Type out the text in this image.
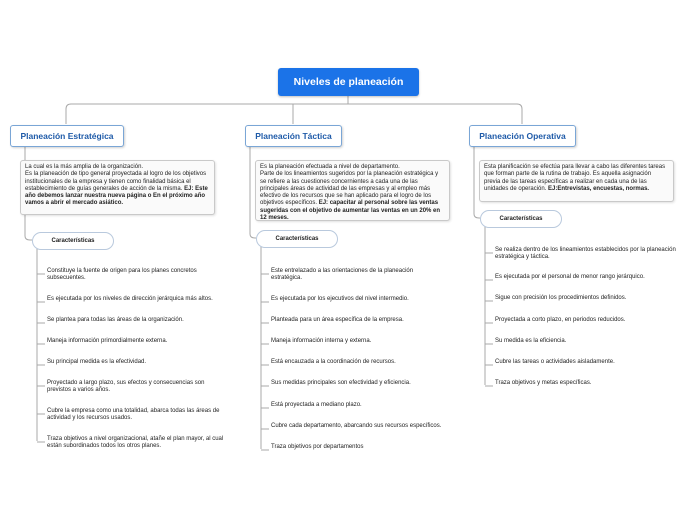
Niveles de planeación
Planeación Estratégica
La cual es la más amplia de la organización.
Es la planeación de tipo general proyectada al logro de los objetivos institucionales de la empresa y tienen como finalidad básica el establecimiento de guías generales de acción de la misma. EJ: Este año debemos lanzar nuestra nueva página o En el próximo año vamos a abrir el mercado asiático.
Características
Constituye la fuente de origen para los planes concretos subsecuentes.
Es ejecutada por los niveles de dirección jerárquica más altos.
Se plantea para todas las áreas de la organización.
Maneja información primordialmente externa.
Su principal medida es la efectividad.
Proyectado a largo plazo, sus efectos y consecuencias son previstos a varios años.
Cubre la empresa como una totalidad, abarca todas las áreas de actividad y los recursos usados.
Traza objetivos a nivel organizacional, atañe el plan mayor, al cual están subordinados todos los otros planes.
Planeación Táctica
Es la planeación efectuada a nivel de departamento.
Parte de los lineamientos sugeridos por la planeación estratégica y se refiere a las cuestiones concernientes a cada una de las principales áreas de actividad de las empresas y al empleo más efectivo de los recursos que se han aplicado para el logro de los objetivos específicos. EJ: capacitar al personal sobre las ventas sugeridas con el objetivo de aumentar las ventas en un 20% en 12 meses.
Características
Este entrelazado a las orientaciones de la planeación estratégica.
Es ejecutada por los ejecutivos del nivel intermedio.
Planteada para un área específica de la empresa.
Maneja información interna y externa.
Está encauzada a la coordinación de recursos.
Sus medidas principales son efectividad y eficiencia.
Está proyectada a mediano plazo.
Cubre cada departamento, abarcando sus recursos específicos.
Traza objetivos por departamentos
Planeación Operativa
Esta planificación se efectúa para llevar a cabo las diferentes tareas que forman parte de la rutina de trabajo. Es aquella asignación previa de las tareas específicas a realizar en cada una de las unidades de operación. EJ:Entrevistas, encuestas, normas.
Características
Se realiza dentro de los lineamientos establecidos por la planeación estratégica y táctica.
Es ejecutada por el personal de menor rango jerárquico.
Sigue con precisión los procedimientos definidos.
Proyectada a corto plazo, en periodos reducidos.
Su medida es la eficiencia.
Cubre las tareas o actividades aisladamente.
Traza objetivos y metas específicas.
